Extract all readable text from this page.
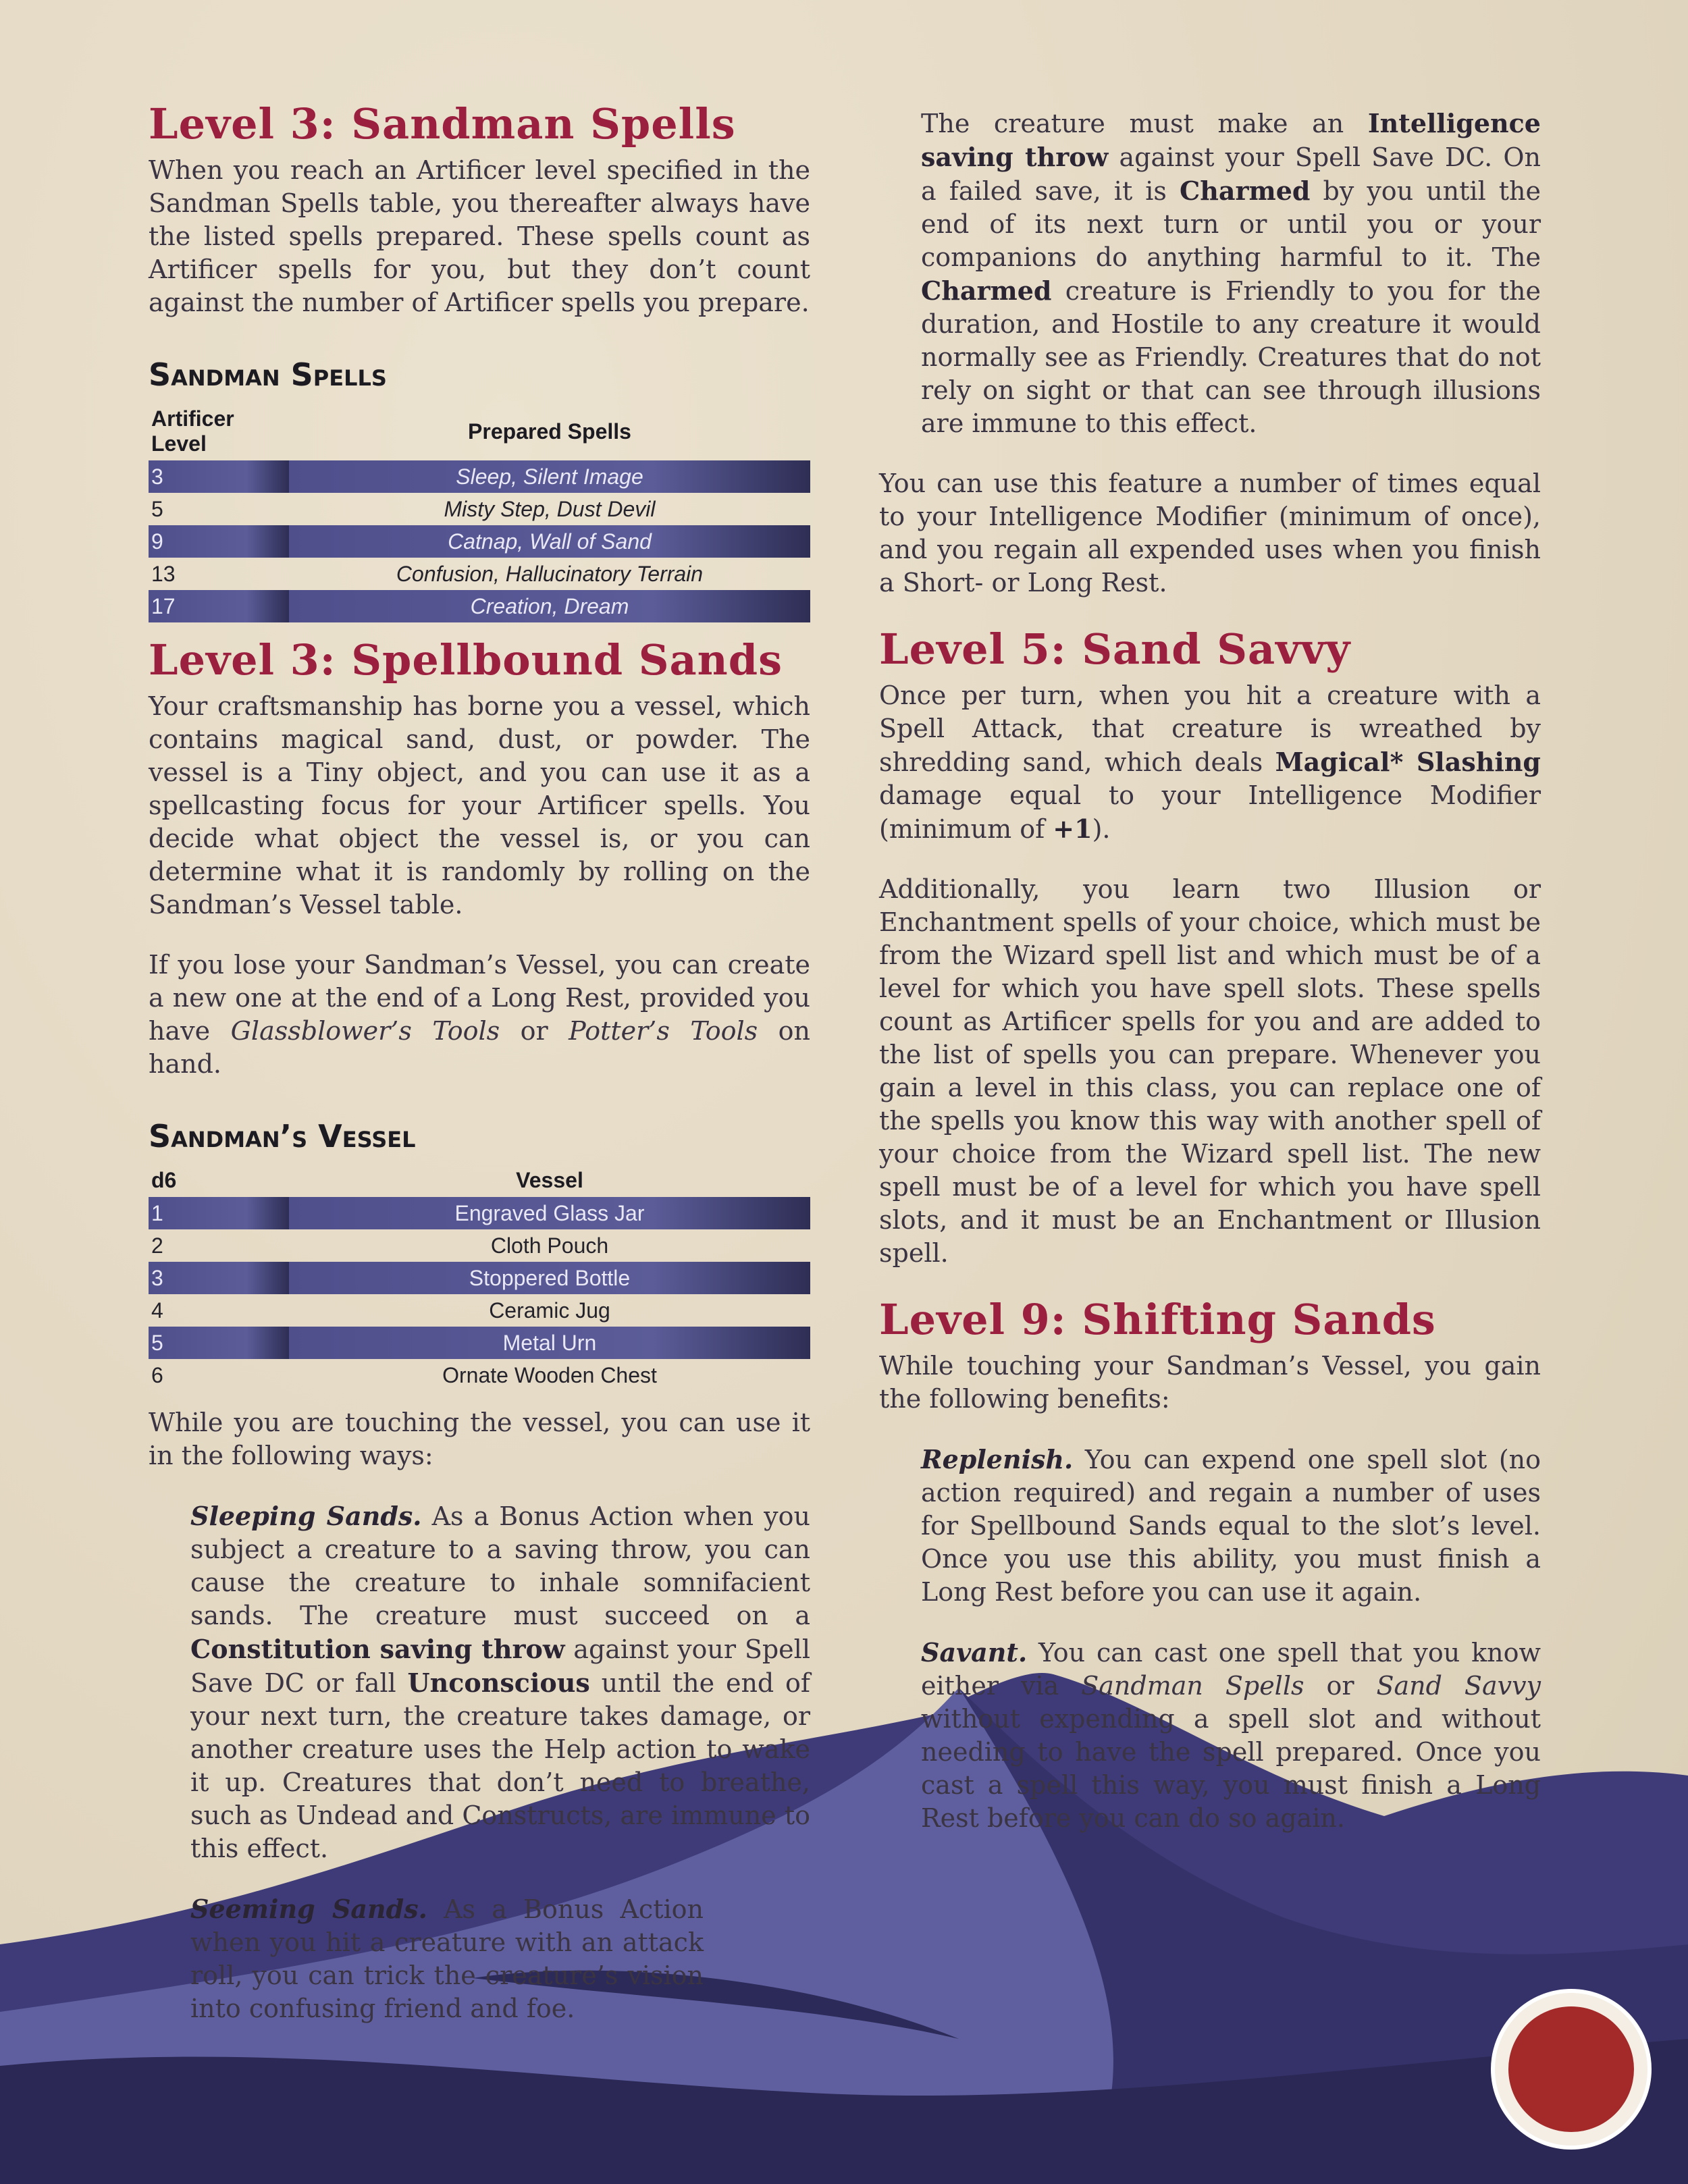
Level 3: Sandman Spells

When you reach an Artificer level specified in the Sandman Spells table, you thereafter always have the listed spells prepared. These spells count as Artificer spells for you, but they don’t count against the number of Artificer spells you prepare.

Sandman Spells
Artificer Level	Prepared Spells
3	Sleep, Silent Image
5	Misty Step, Dust Devil
9	Catnap, Wall of Sand
13	Confusion, Hallucinatory Terrain
17	Creation, Dream
Level 3: Spellbound Sands

Your craftsmanship has borne you a vessel, which contains magical sand, dust, or powder. The vessel is a Tiny object, and you can use it as a spellcasting focus for your Artificer spells. You decide what object the vessel is, or you can determine what it is randomly by rolling on the Sandman’s Vessel table.

If you lose your Sandman’s Vessel, you can create a new one at the end of a Long Rest, provided you have Glassblower’s Tools or Potter’s Tools on hand.

Sandman’s Vessel
d6	Vessel
1	Engraved Glass Jar
2	Cloth Pouch
3	Stoppered Bottle
4	Ceramic Jug
5	Metal Urn
6	Ornate Wooden Chest

While you are touching the vessel, you can use it in the following ways:

Sleeping Sands. As a Bonus Action when you subject a creature to a saving throw, you can cause the creature to inhale somnifacient sands. The creature must succeed on a Constitution saving throw against your Spell Save DC or fall Unconscious until the end of your next turn, the creature takes damage, or another creature uses the Help action to wake it up. Creatures that don’t need to breathe, such as Undead and Constructs, are immune to this effect.

Seeming Sands. As a Bonus Action when you hit a creature with an attack roll, you can trick the creature’s vision into confusing friend and foe.

The creature must make an Intelligence saving throw against your Spell Save DC. On a failed save, it is Charmed by you until the end of its next turn or until you or your companions do anything harmful to it. The Charmed creature is Friendly to you for the duration, and Hostile to any creature it would normally see as Friendly. Creatures that do not rely on sight or that can see through illusions are immune to this effect.

You can use this feature a number of times equal to your Intelligence Modifier (minimum of once), and you regain all expended uses when you finish a Short- or Long Rest.

Level 5: Sand Savvy

Once per turn, when you hit a creature with a Spell Attack, that creature is wreathed by shredding sand, which deals Magical* Slashing damage equal to your Intelligence Modifier (minimum of +1).

Additionally, you learn two Illusion or Enchantment spells of your choice, which must be from the Wizard spell list and which must be of a level for which you have spell slots. These spells count as Artificer spells for you and are added to the list of spells you can prepare. Whenever you gain a level in this class, you can replace one of the spells you know this way with another spell of your choice from the Wizard spell list. The new spell must be of a level for which you have spell slots, and it must be an Enchantment or Illusion spell.

Level 9: Shifting Sands

While touching your Sandman’s Vessel, you gain the following benefits:

Replenish. You can expend one spell slot (no action required) and regain a number of uses for Spellbound Sands equal to the slot’s level. Once you use this ability, you must finish a Long Rest before you can use it again.

Savant. You can cast one spell that you know either via Sandman Spells or Sand Savvy without expending a spell slot and without needing to have the spell prepared. Once you cast a spell this way, you must finish a Long Rest before you can do so again.
